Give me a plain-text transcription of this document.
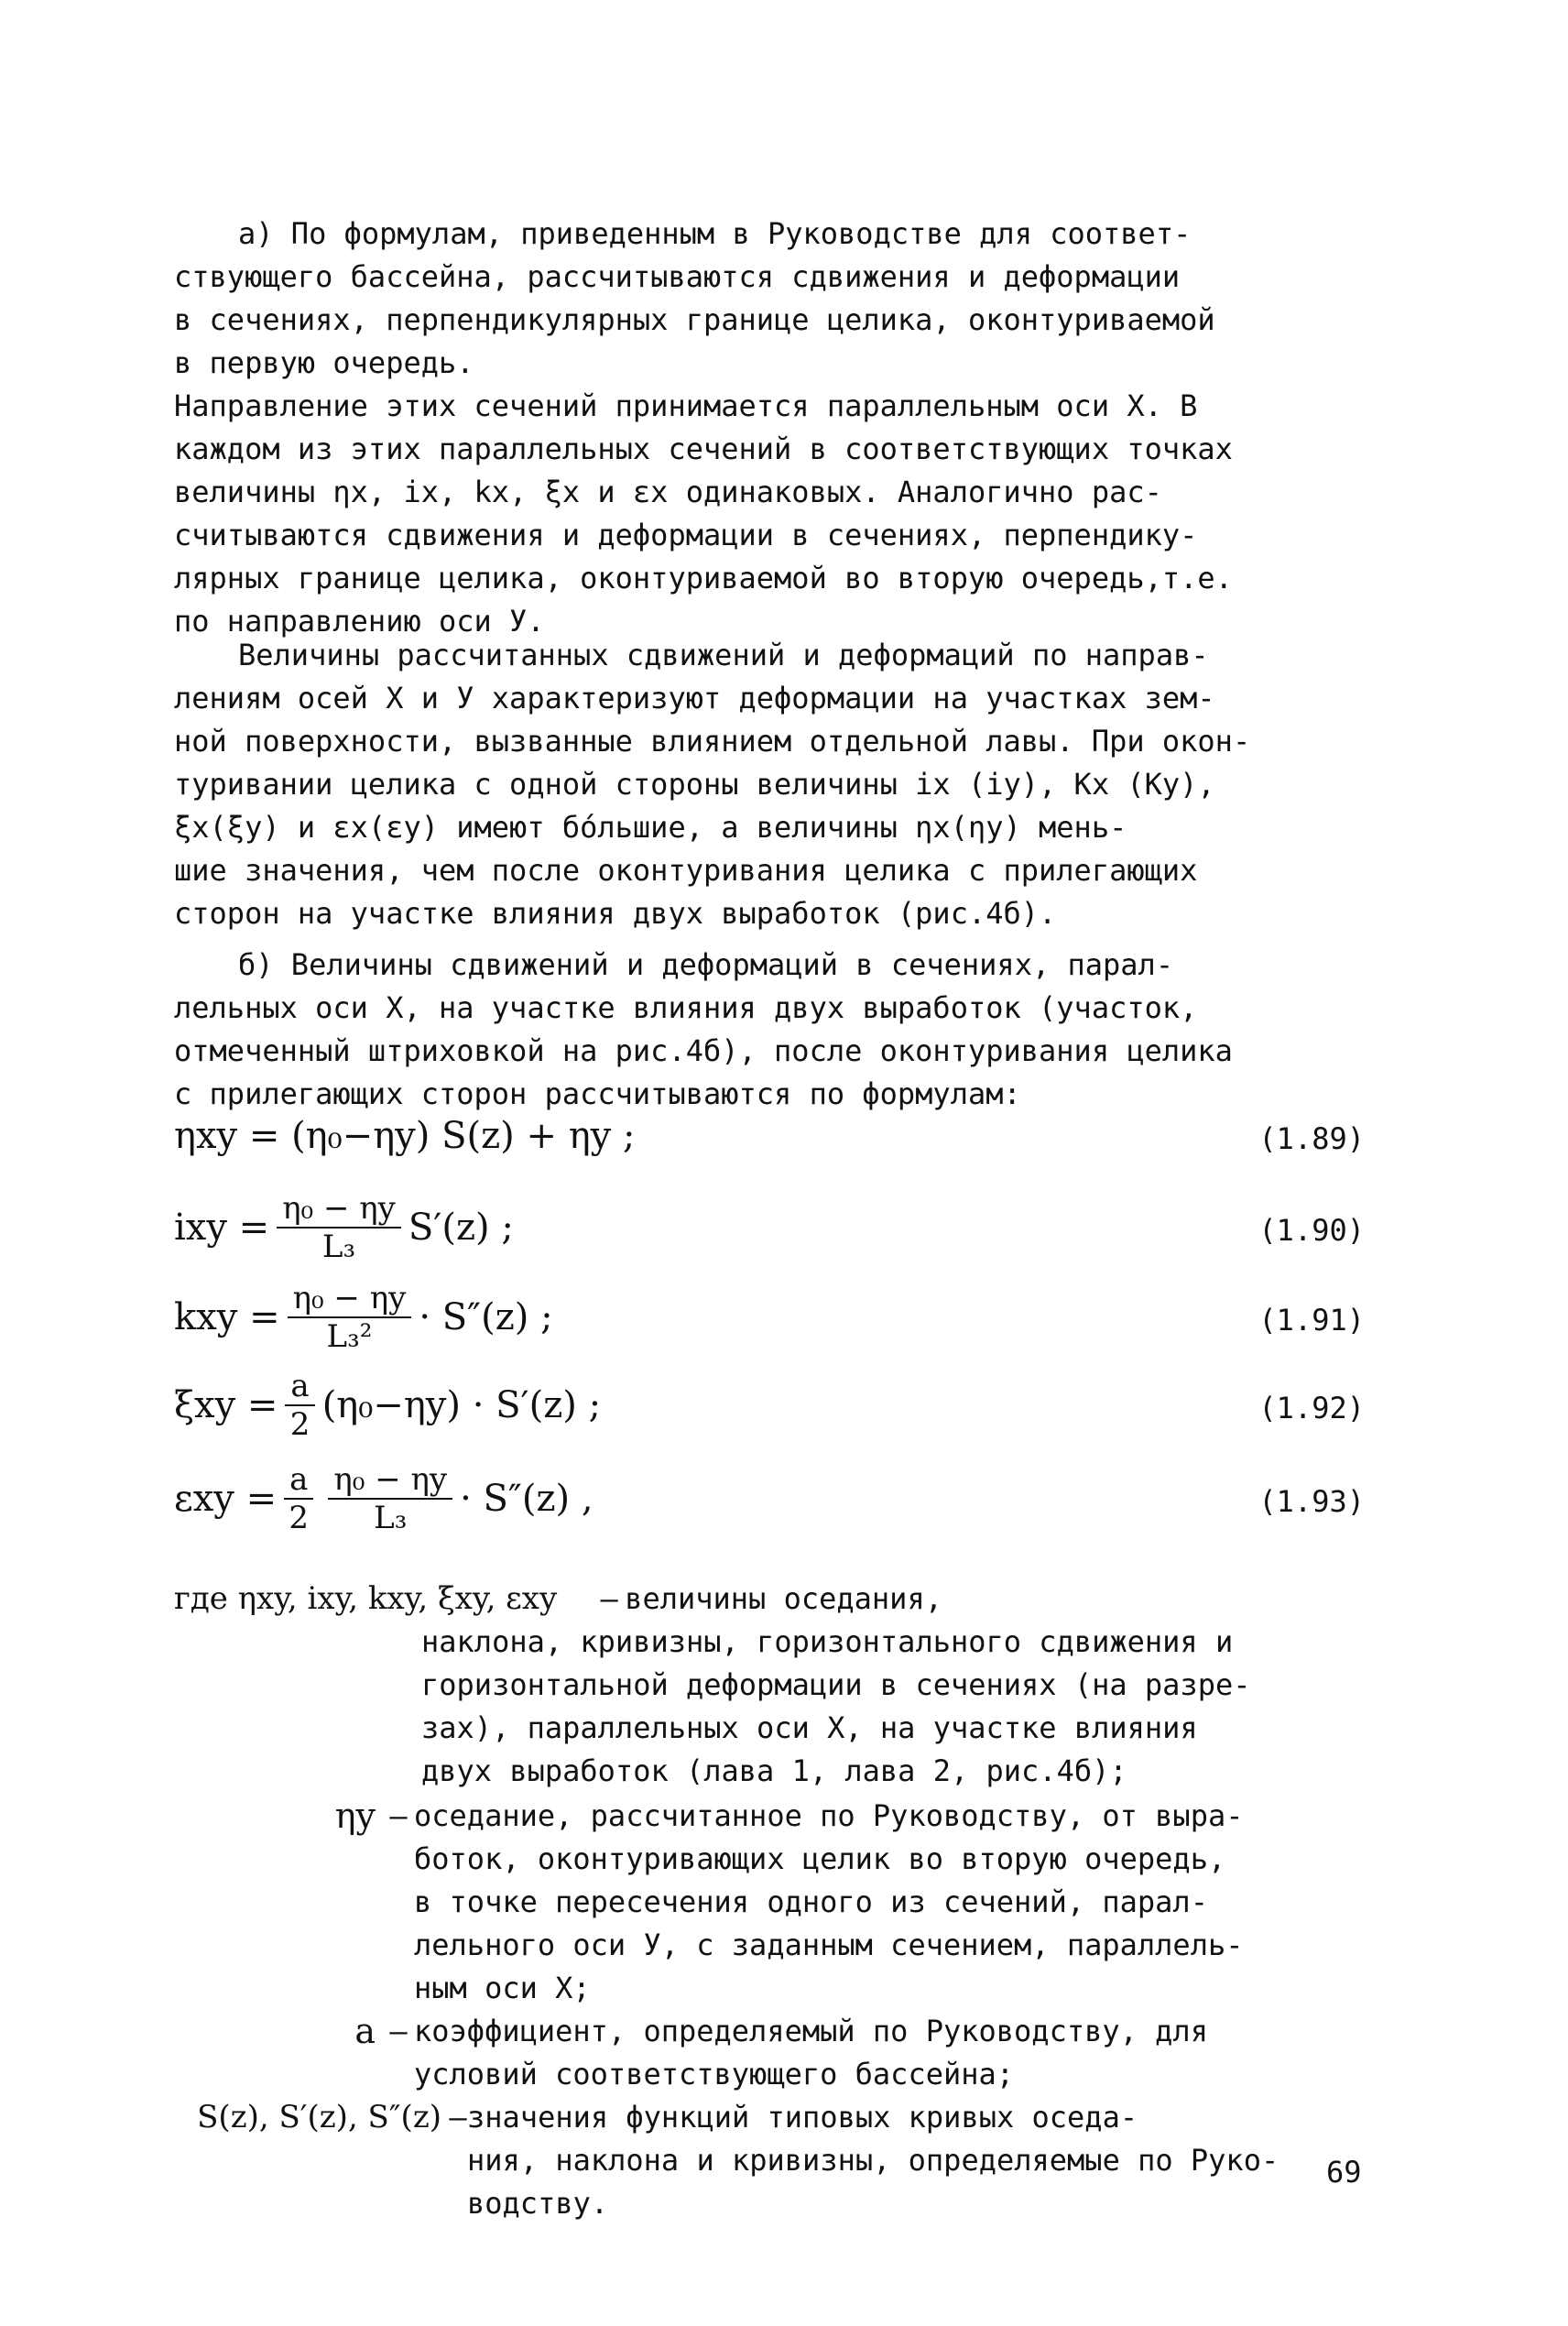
а) По формулам, приведенным в Руководстве для соответ-
ствующего бассейна, рассчитываются сдвижения и деформации
в сечениях, перпендикулярных границе целика, оконтуриваемой
в первую очередь.
Направление этих сечений принимается параллельным оси X. В
каждом из этих параллельных сечений в соответствующих точках
величины ηx, ix, kx, ξx и εx одинаковых. Аналогично рас-
считываются сдвижения и деформации в сечениях, перпендику-
лярных границе целика, оконтуриваемой во вторую очередь,т.е.
по направлению оси У.
Величины рассчитанных сдвижений и деформаций по направ-
лениям осей X и У характеризуют деформации на участках зем-
ной поверхности, вызванные влиянием отдельной лавы. При окон-
туривании целика с одной стороны величины ix (iy), Kx (Ky),
ξx(ξy) и εx(εy) имеют бóльшие, а величины ηx(ηy) мень-
шие значения, чем после оконтуривания целика с прилегающих
сторон на участке влияния двух выработок (рис.4б).
б) Величины сдвижений и деформаций в сечениях, парал-
лельных оси X, на участке влияния двух выработок (участок,
отмеченный штриховкой на рис.4б), после оконтуривания целика
с прилегающих сторон рассчитываются по формулам:
ηxy =
(η₀−ηy) S(z) + ηy ;	(1.89)
ixy = $\frac{\text{η₀ − ηy}}{\text{L₃}} S'(z)$ ;	(1.90)
kxy = $\frac{\text{η₀ − ηy}}{\text{L₃²}} \cdot S''(z)$ ;	(1.91)
$\xi xy = \frac{a}{2} (\eta_0-\eta y) \cdot S'(z)$ ;	(1.92)
$\varepsilon xy = \frac{a}{2} \frac{\text{η₀ − ηy}}{\text{L₃}} \cdot S''(z)$ ,	(1.93)
где ηxy, ixy, kxy, ξxy, εxy – величины оседания,
наклона, кривизны, горизонтального сдвижения и
горизонтальной деформации в сечениях (на разре-
зах), параллельных оси X, на участке влияния
двух выработок (лава 1, лава 2, рис.4б);
ηy – оседание, рассчитанное по Руководству, от выра-
боток, оконтуривающих целик во вторую очередь,
в точке пересечения одного из сечений, парал-
лельного оси У, с заданным сечением, параллель-
ным оси X;
a – коэффициент, определяемый по Руководству, для
условий соответствующего бассейна;
S(z), S′(z), S″(z) – значения функций типовых кривых оседа-
ния, наклона и кривизны, определяемые по Руко-
водству.
69
